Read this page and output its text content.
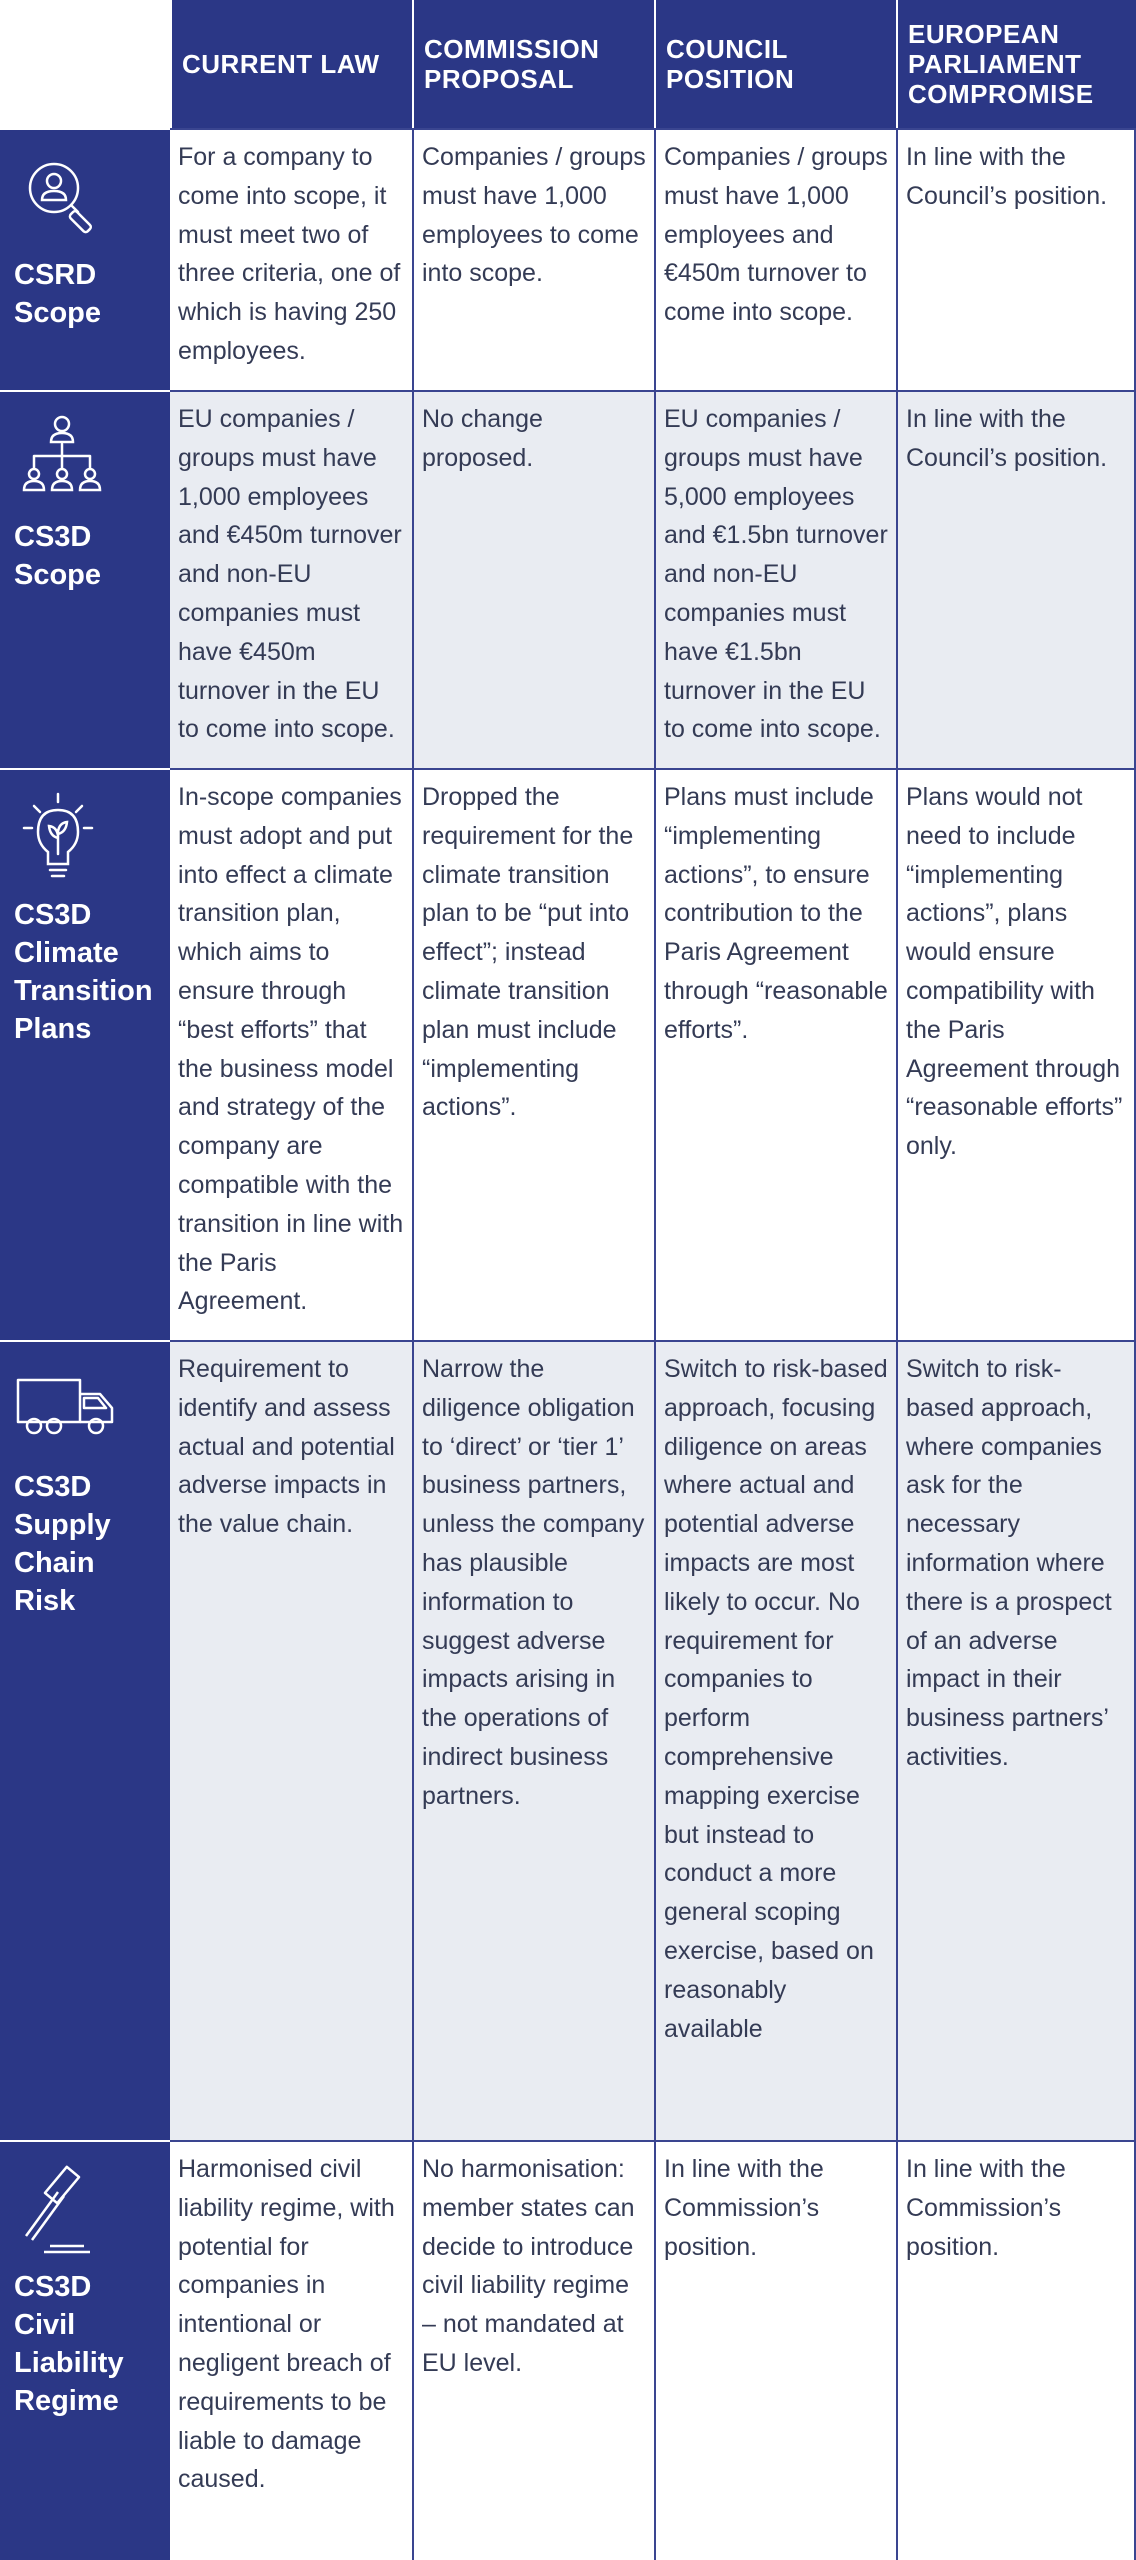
CURRENT LAW	COMMISSION PROPOSAL
COUNCIL POSITION
EUROPEAN PARLIAMENT COMPROMISE
CSRD
Scope
For a company to come into scope, it must meet two of three criteria, one of which is having 250 employees.
Companies / groups must have 1,000 employees to come into scope.
Companies / groups must have 1,000 employees and €450m turnover to come into scope.
In line with the Council’s position.
CS3D
Scope
EU companies / groups must have 1,000 employees and €450m turnover and non-EU companies must have €450m turnover in the EU to come into scope.
No change proposed.
EU companies / groups must have 5,000 employees and €1.5bn turnover and non-EU companies must have €1.5bn turnover in the EU to come into scope.
In line with the Council’s position.
CS3D
Climate
Transition
Plans
In-scope companies must adopt and put into effect a climate transition plan, which aims to ensure through “best efforts” that the business model and strategy of the company are compatible with the transition in line with the Paris Agreement.
Dropped the requirement for the climate transition plan to be “put into effect”; instead climate transition plan must include “implementing actions”.
Plans must include “implementing actions”, to ensure contribution to the Paris Agreement through “reasonable efforts”.
Plans would not need to include “implementing actions”, plans would ensure compatibility with the Paris Agreement through “reasonable efforts” only.
CS3D
Supply
Chain
Risk
Requirement to identify and assess actual and potential adverse impacts in the value chain.
Narrow the diligence obligation to ‘direct’ or ‘tier 1’ business partners, unless the company has plausible information to suggest adverse impacts arising in the operations of indirect business partners.
Switch to risk-based approach, focusing diligence on areas where actual and potential adverse impacts are most likely to occur. No requirement for companies to perform comprehensive mapping exercise but instead to conduct a more general scoping exercise, based on reasonably available
Switch to risk-based approach, where companies ask for the necessary information where there is a prospect of an adverse impact in their business partners’ activities.
CS3D
Civil
Liability
Regime
Harmonised civil liability regime, with potential for companies in intentional or negligent breach of requirements to be liable to damage caused.
No harmonisation: member states can decide to introduce civil liability regime – not mandated at EU level.
In line with the Commission’s position.
In line with the Commission’s position.
